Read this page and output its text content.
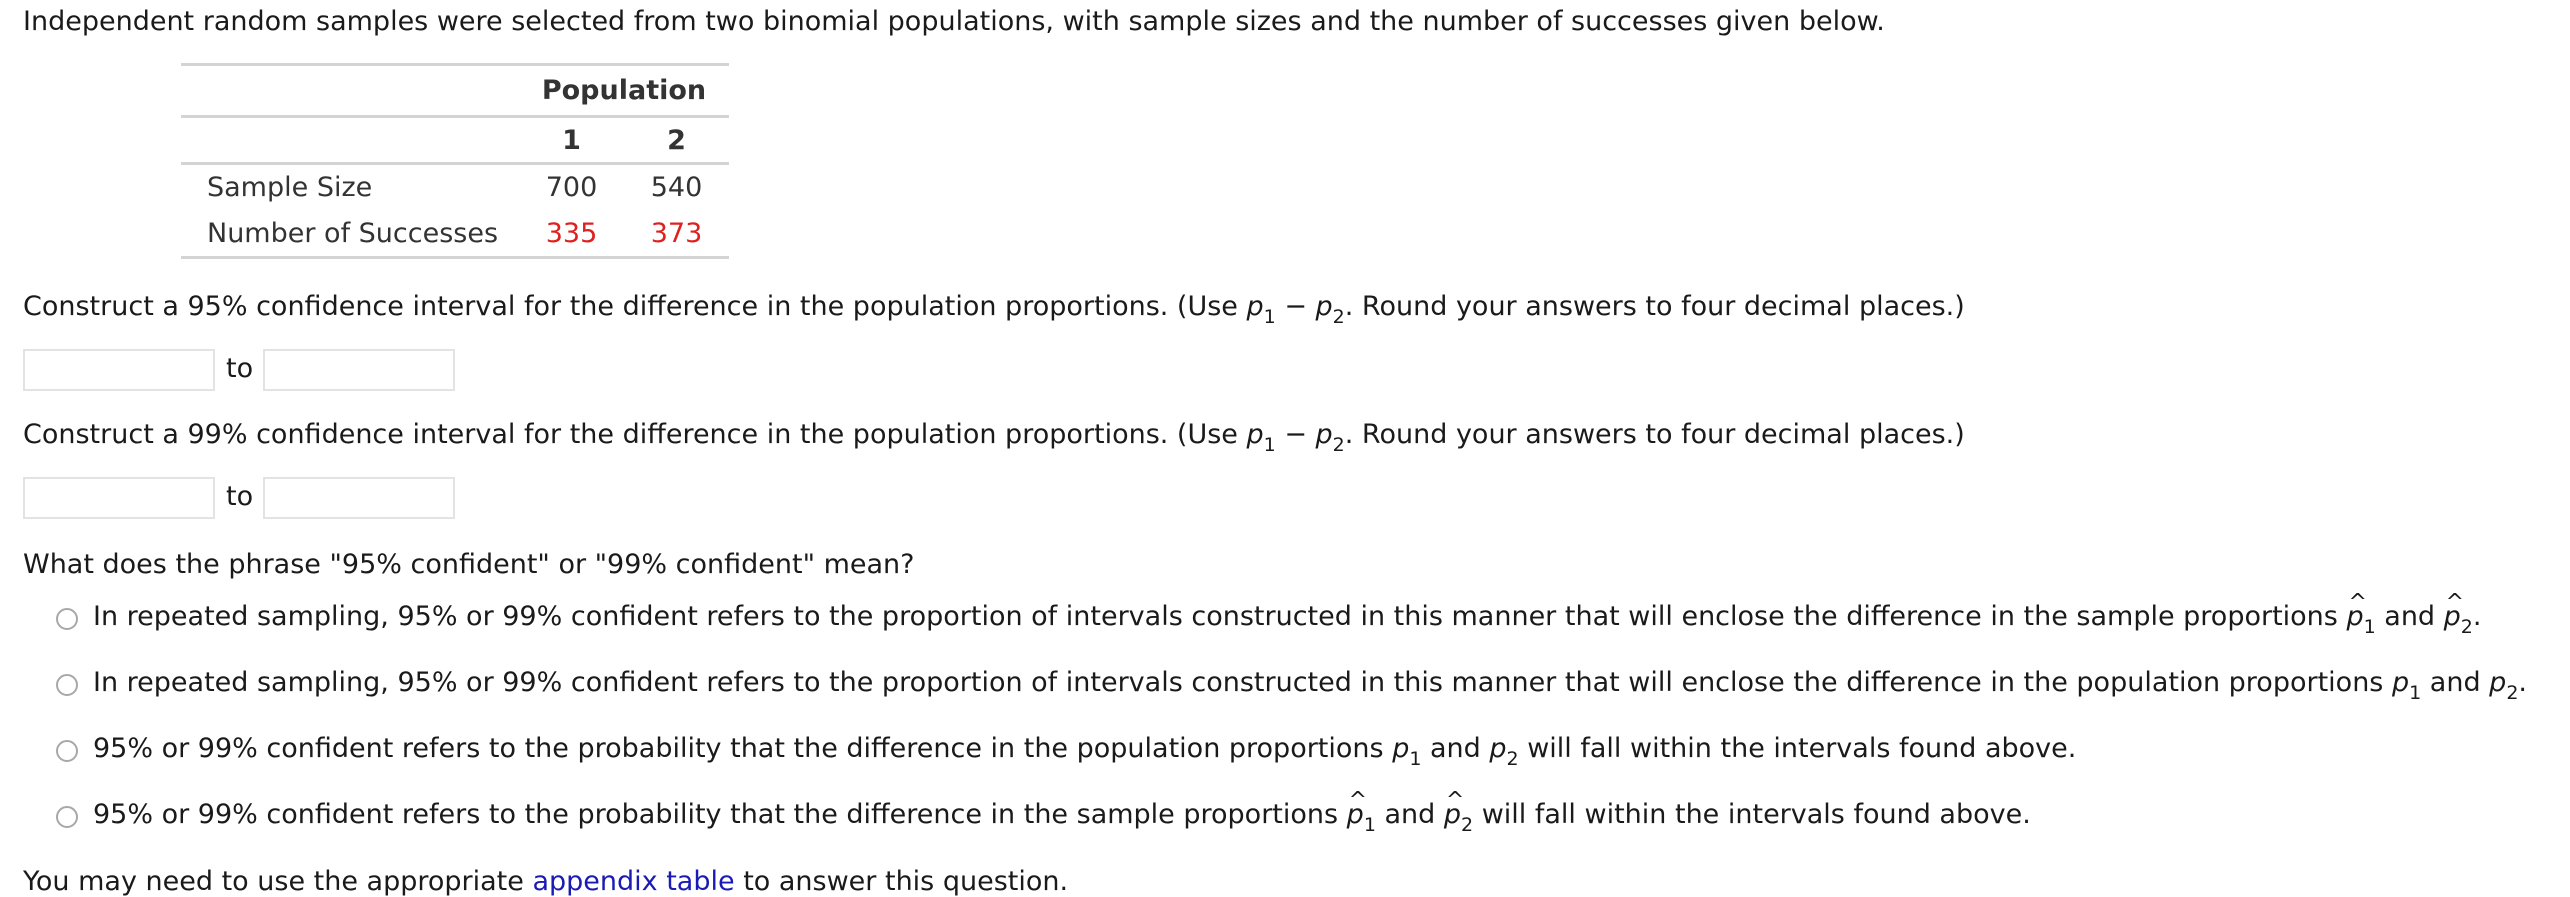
Independent random samples were selected from two binomial populations, with sample sizes and the number of successes given below.
	Population	
	1	2
Sample Size	700	540
Number of Successes	335	373
Construct a 95% confidence interval for the difference in the population proportions. (Use $p_1 - p_2$. Round your answers to four decimal places.)
to
Construct a 99% confidence interval for the difference in the population proportions. (Use $p_1 - p_2$. Round your answers to four decimal places.)
to
What does the phrase "95% confident" or "99% confident" mean?
In repeated sampling, 95% or 99% confident refers to the proportion of intervals constructed in this manner that will enclose the difference in the sample proportions ^ $p_1$ and ^ $p_2$.
In repeated sampling, 95% or 99% confident refers to the proportion of intervals constructed in this manner that will enclose the difference in the population proportions $p_1$ and $p_2$.
95% or 99% confident refers to the probability that the difference in the population proportions $p_1$ and $p_2$ will fall within the intervals found above.
95% or 99% confident refers to the probability that the difference in the sample proportions ^ $p_1$ and ^ $p_2$ will fall within the intervals found above.
You may need to use the appropriate appendix table to answer this question.
